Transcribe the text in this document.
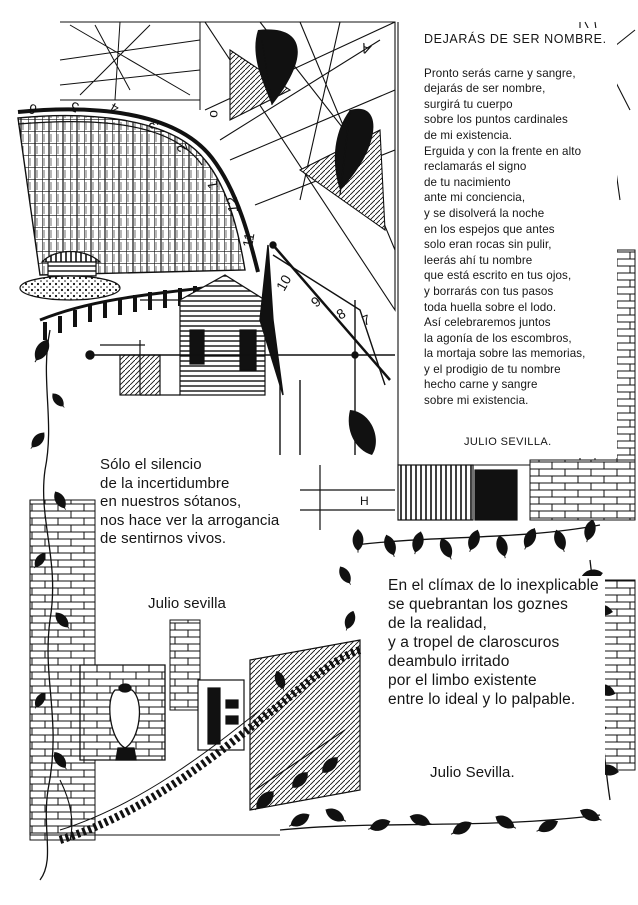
o
A
6 5 4
3
2
1
12
11
10
9
8 7
H
DEJARÁS DE SER NOMBRE.
Pronto serás carne y sangre,
dejarás de ser nombre,
surgirá tu cuerpo
sobre los puntos cardinales
de mi existencia.
Erguida y con la frente en alto
reclamarás el signo
de tu nacimiento
ante mi conciencia,
y se disolverá la noche
en los espejos que antes
solo eran rocas sin pulir,
leerás ahí tu nombre
que está escrito en tus ojos,
y borrarás con tus pasos
toda huella sobre el lodo.
Así celebraremos juntos
la agonía de los escombros,
la mortaja sobre las memorias,
y el prodigio de tu nombre
hecho carne y sangre
sobre mi existencia.
JULIO SEVILLA.
Sólo el silencio
de la incertidumbre
en nuestros sótanos,
nos hace ver la arrogancia
de sentirnos vivos.
Julio sevilla
En el clímax de lo inexplicable
se quebrantan los goznes
de la realidad,
y a tropel de claroscuros
deambulo irritado
por el limbo existente
entre lo ideal y lo palpable.
Julio Sevilla.
